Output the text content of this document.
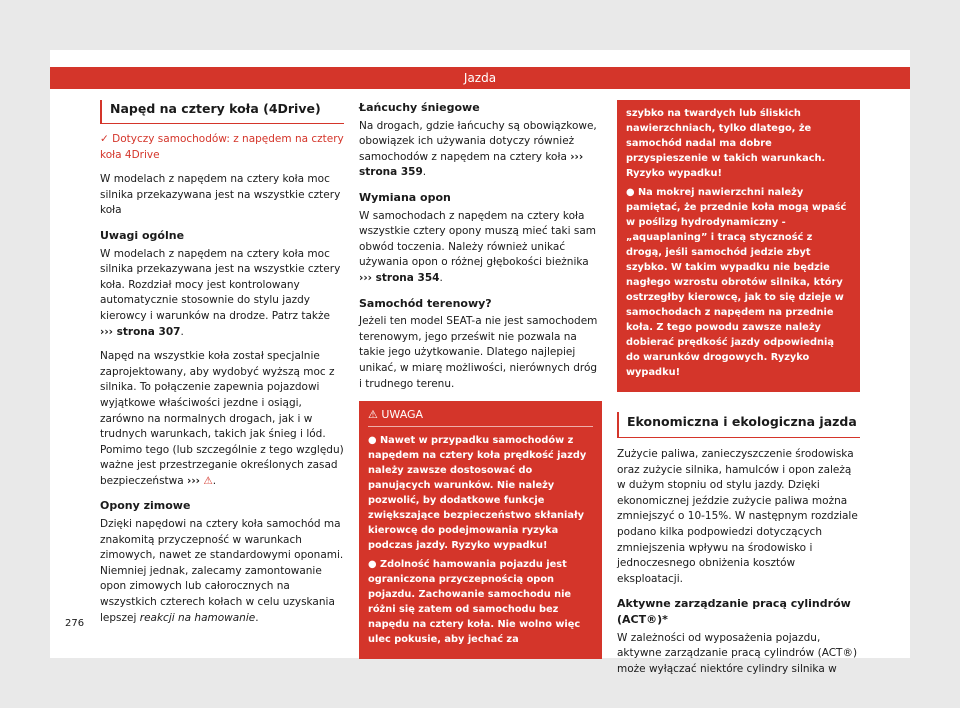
Jazda
Napęd na cztery koła (4Drive)

✓ Dotyczy samochodów: z napędem na cztery koła 4Drive

W modelach z napędem na cztery koła moc silnika przekazywana jest na wszystkie cztery koła

Uwagi ogólne

W modelach z napędem na cztery koła moc silnika przekazywana jest na wszystkie cztery koła. Rozdział mocy jest kontrolowany automatycznie stosownie do stylu jazdy kierowcy i warunków na drodze. Patrz także ››› strona 307.

Napęd na wszystkie koła został specjalnie zaprojektowany, aby wydobyć wyższą moc z silnika. To połączenie zapewnia pojazdowi wyjątkowe właściwości jezdne i osiągi, zarówno na normalnych drogach, jak i w trudnych warunkach, takich jak śnieg i lód. Pomimo tego (lub szczególnie z tego względu) ważne jest przestrzeganie określonych zasad bezpieczeństwa ››› ⚠.

Opony zimowe

Dzięki napędowi na cztery koła samochód ma znakomitą przyczepność w warunkach zimowych, nawet ze standardowymi oponami. Niemniej jednak, zalecamy zamontowanie opon zimowych lub całorocznych na wszystkich czterech kołach w celu uzyskania lepszej reakcji na hamowanie.

Łańcuchy śniegowe

Na drogach, gdzie łańcuchy są obowiązkowe, obowiązek ich używania dotyczy również samochodów z napędem na cztery koła ››› strona 359.

Wymiana opon

W samochodach z napędem na cztery koła wszystkie cztery opony muszą mieć taki sam obwód toczenia. Należy również unikać używania opon o różnej głębokości bieżnika ››› strona 354.

Samochód terenowy?

Jeżeli ten model SEAT-a nie jest samochodem terenowym, jego prześwit nie pozwala na takie jego użytkowanie. Dlatego najlepiej unikać, w miarę możliwości, nierównych dróg i trudnego terenu.

⚠ UWAGA

● Nawet w przypadku samochodów z napędem na cztery koła prędkość jazdy należy zawsze dostosować do panujących warunków. Nie należy pozwolić, by dodatkowe funkcje zwiększające bezpieczeństwo skłaniały kierowcę do podejmowania ryzyka podczas jazdy. Ryzyko wypadku!

● Zdolność hamowania pojazdu jest ograniczona przyczepnością opon pojazdu. Zachowanie samochodu nie różni się zatem od samochodu bez napędu na cztery koła. Nie wolno więc ulec pokusie, aby jechać za

szybko na twardych lub śliskich nawierzchniach, tylko dlatego, że samochód nadal ma dobre przyspieszenie w takich warunkach. Ryzyko wypadku!

● Na mokrej nawierzchni należy pamiętać, że przednie koła mogą wpaść w poślizg hydrodynamiczny - „aquaplaning” i tracą styczność z drogą, jeśli samochód jedzie zbyt szybko. W takim wypadku nie będzie nagłego wzrostu obrotów silnika, który ostrzegłby kierowcę, jak to się dzieje w samochodach z napędem na przednie koła. Z tego powodu zawsze należy dobierać prędkość jazdy odpowiednią do warunków drogowych. Ryzyko wypadku!

Ekonomiczna i ekologiczna jazda

Zużycie paliwa, zanieczyszczenie środowiska oraz zużycie silnika, hamulców i opon zależą w dużym stopniu od stylu jazdy. Dzięki ekonomicznej jeździe zużycie paliwa można zmniejszyć o 10-15%. W następnym rozdziale podano kilka podpowiedzi dotyczących zmniejszenia wpływu na środowisko i jednoczesnego obniżenia kosztów eksploatacji.

Aktywne zarządzanie pracą cylindrów (ACT®)*

W zależności od wyposażenia pojazdu, aktywne zarządzanie pracą cylindrów (ACT®) może wyłączać niektóre cylindry silnika w

276
